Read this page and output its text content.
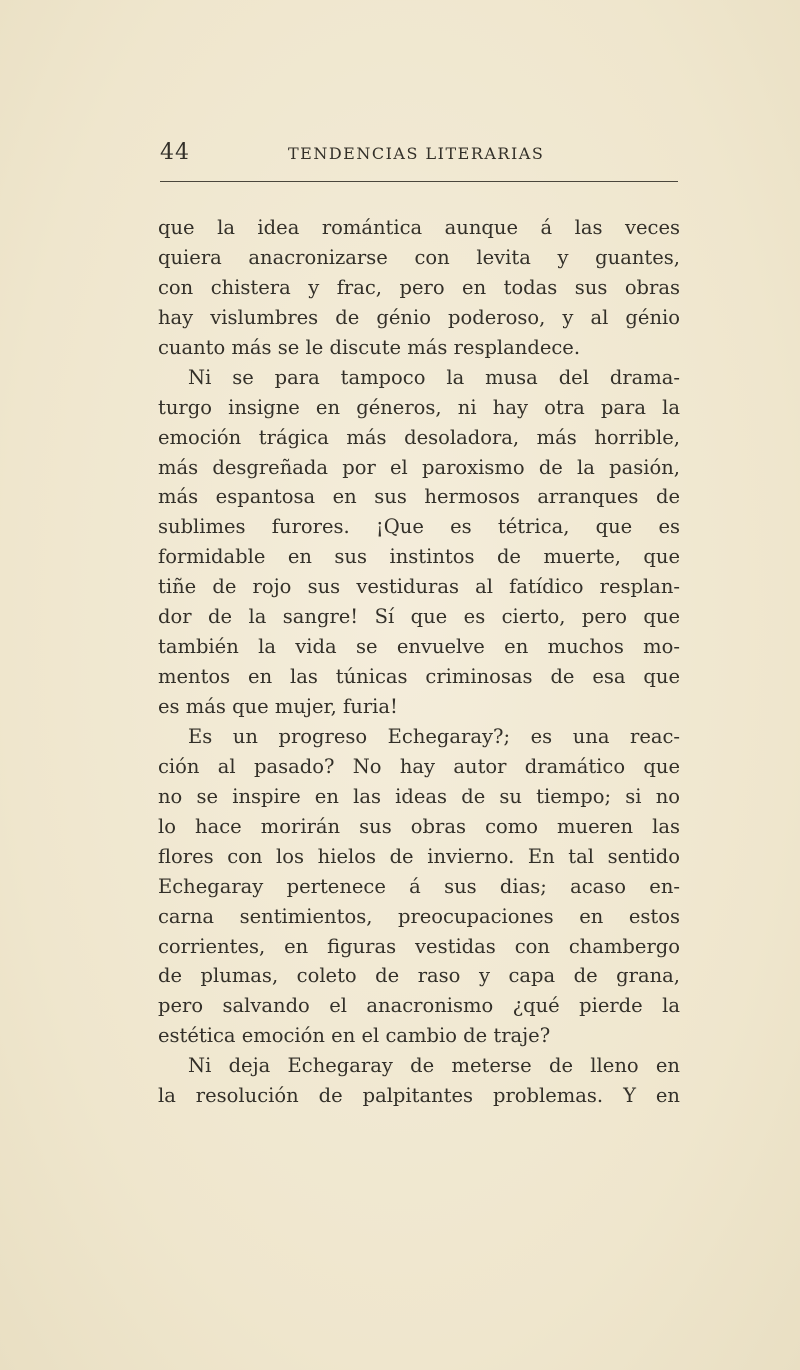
44	TENDENCIAS LITERARIAS
que la idea romántica aunque á las veces
quiera anacronizarse con levita y guantes,
con chistera y frac, pero en todas sus obras
hay vislumbres de génio poderoso, y al génio
cuanto más se le discute más resplandece.
Ni se para tampoco la musa del drama-
turgo insigne en géneros, ni hay otra para la
emoción trágica más desoladora, más horrible,
más desgreñada por el paroxismo de la pasión,
más espantosa en sus hermosos arranques de
sublimes furores. ¡Que es tétrica, que es
formidable en sus instintos de muerte, que
tiñe de rojo sus vestiduras al fatídico resplan-
dor de la sangre! Sí que es cierto, pero que
también la vida se envuelve en muchos mo-
mentos en las túnicas criminosas de esa que
es más que mujer, furia!
Es un progreso Echegaray?; es una reac-
ción al pasado? No hay autor dramático que
no se inspire en las ideas de su tiempo; si no
lo hace morirán sus obras como mueren las
flores con los hielos de invierno. En tal sentido
Echegaray pertenece á sus dias; acaso en-
carna sentimientos, preocupaciones en estos
corrientes, en figuras vestidas con chambergo
de plumas, coleto de raso y capa de grana,
pero salvando el anacronismo ¿qué pierde la
estética emoción en el cambio de traje?
Ni deja Echegaray de meterse de lleno en
la resolución de palpitantes problemas. Y en
